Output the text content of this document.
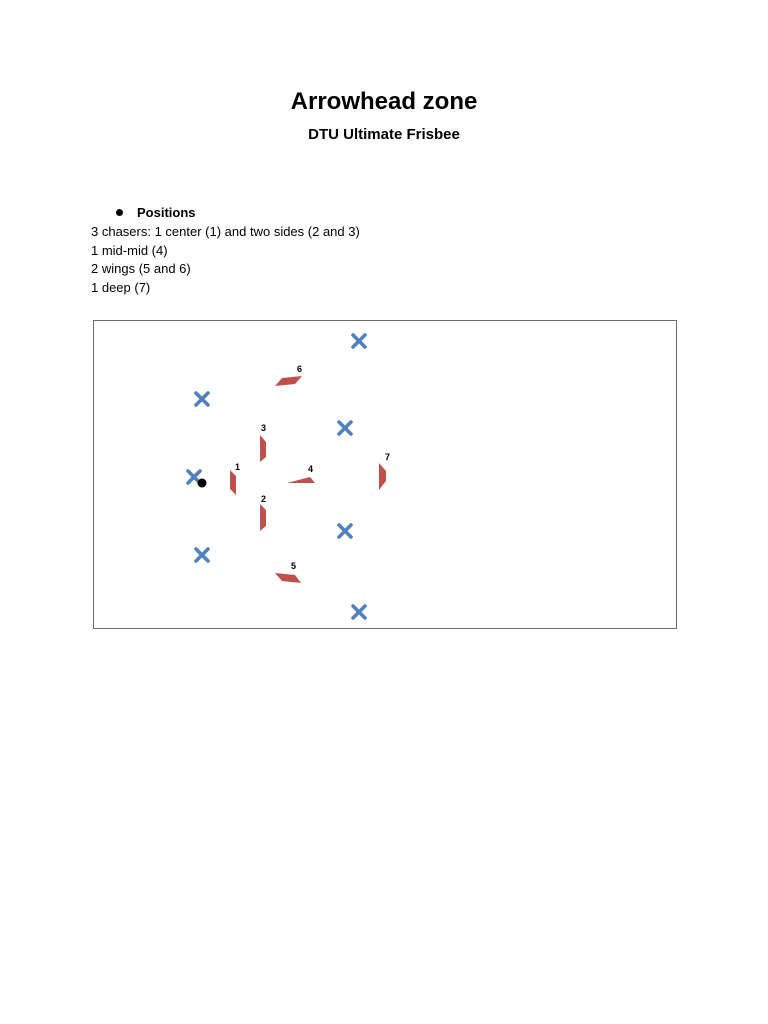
Arrowhead zone
DTU Ultimate Frisbee
Positions
3 chasers: 1 center (1) and two sides (2 and 3)
1 mid-mid (4)
2 wings (5 and 6)
1 deep (7)
1
2
3
4
5
6
7
